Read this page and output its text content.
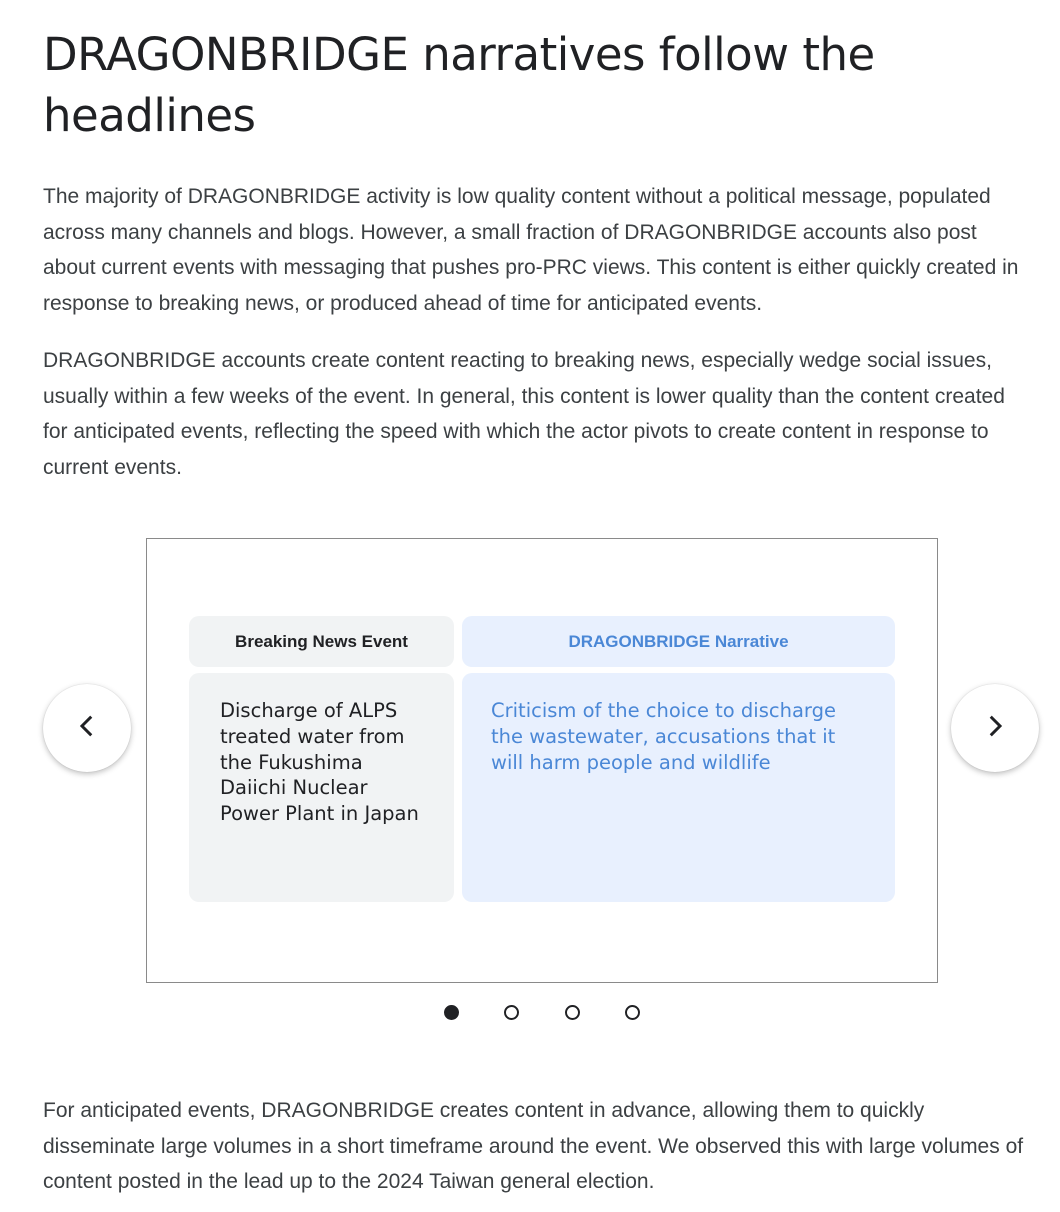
DRAGONBRIDGE narratives follow the headlines

The majority of DRAGONBRIDGE activity is low quality content without a political message, populated across many channels and blogs. However, a small fraction of DRAGONBRIDGE accounts also post about current events with messaging that pushes pro-PRC views. This content is either quickly created in response to breaking news, or produced ahead of time for anticipated events.

DRAGONBRIDGE accounts create content reacting to breaking news, especially wedge social issues, usually within a few weeks of the event. In general, this content is lower quality than the content created for anticipated events, reflecting the speed with which the actor pivots to create content in response to current events.

Breaking News Event	DRAGONBRIDGE Narrative
Discharge of ALPS treated water from the Fukushima Daiichi Nuclear Power Plant in Japan
Criticism of the choice to discharge the wastewater, accusations that it will harm people and wildlife

For anticipated events, DRAGONBRIDGE creates content in advance, allowing them to quickly disseminate large volumes in a short timeframe around the event. We observed this with large volumes of content posted in the lead up to the 2024 Taiwan general election.
